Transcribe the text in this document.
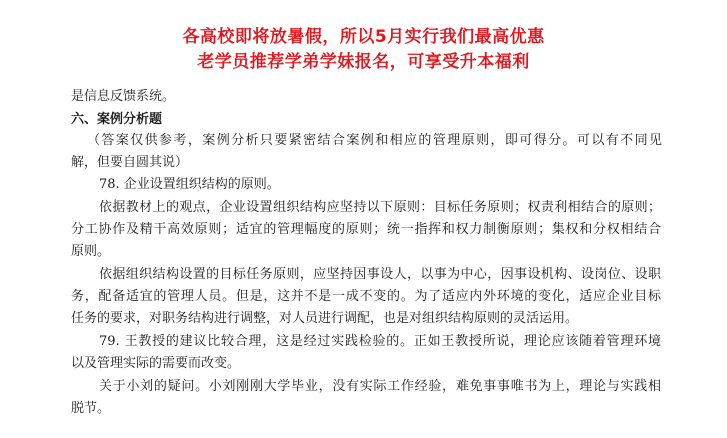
各高校即将放暑假，所以5月实行我们最高优惠
老学员推荐学弟学妹报名，可享受升本福利
是信息反馈系统。
六、案例分析题
（答案仅供参考，案例分析只要紧密结合案例和相应的管理原则，即可得分。可以有不同见
解，但要自圆其说）
78. 企业设置组织结构的原则。
依据教材上的观点，企业设置组织结构应坚持以下原则：目标任务原则；权责利相结合的原则；
分工协作及精干高效原则；适宜的管理幅度的原则；统一指挥和权力制衡原则；集权和分权相结合
原则。
依据组织结构设置的目标任务原则，应坚持因事设人，以事为中心，因事设机构、设岗位、设职
务，配备适宜的管理人员。但是，这并不是一成不变的。为了适应内外环境的变化，适应企业目标
任务的要求，对职务结构进行调整，对人员进行调配，也是对组织结构原则的灵活运用。
79. 王教授的建议比较合理，这是经过实践检验的。正如王教授所说，理论应该随着管理环境
以及管理实际的需要而改变。
关于小刘的疑问。小刘刚刚大学毕业，没有实际工作经验，难免事事唯书为上，理论与实践相
脱节。
